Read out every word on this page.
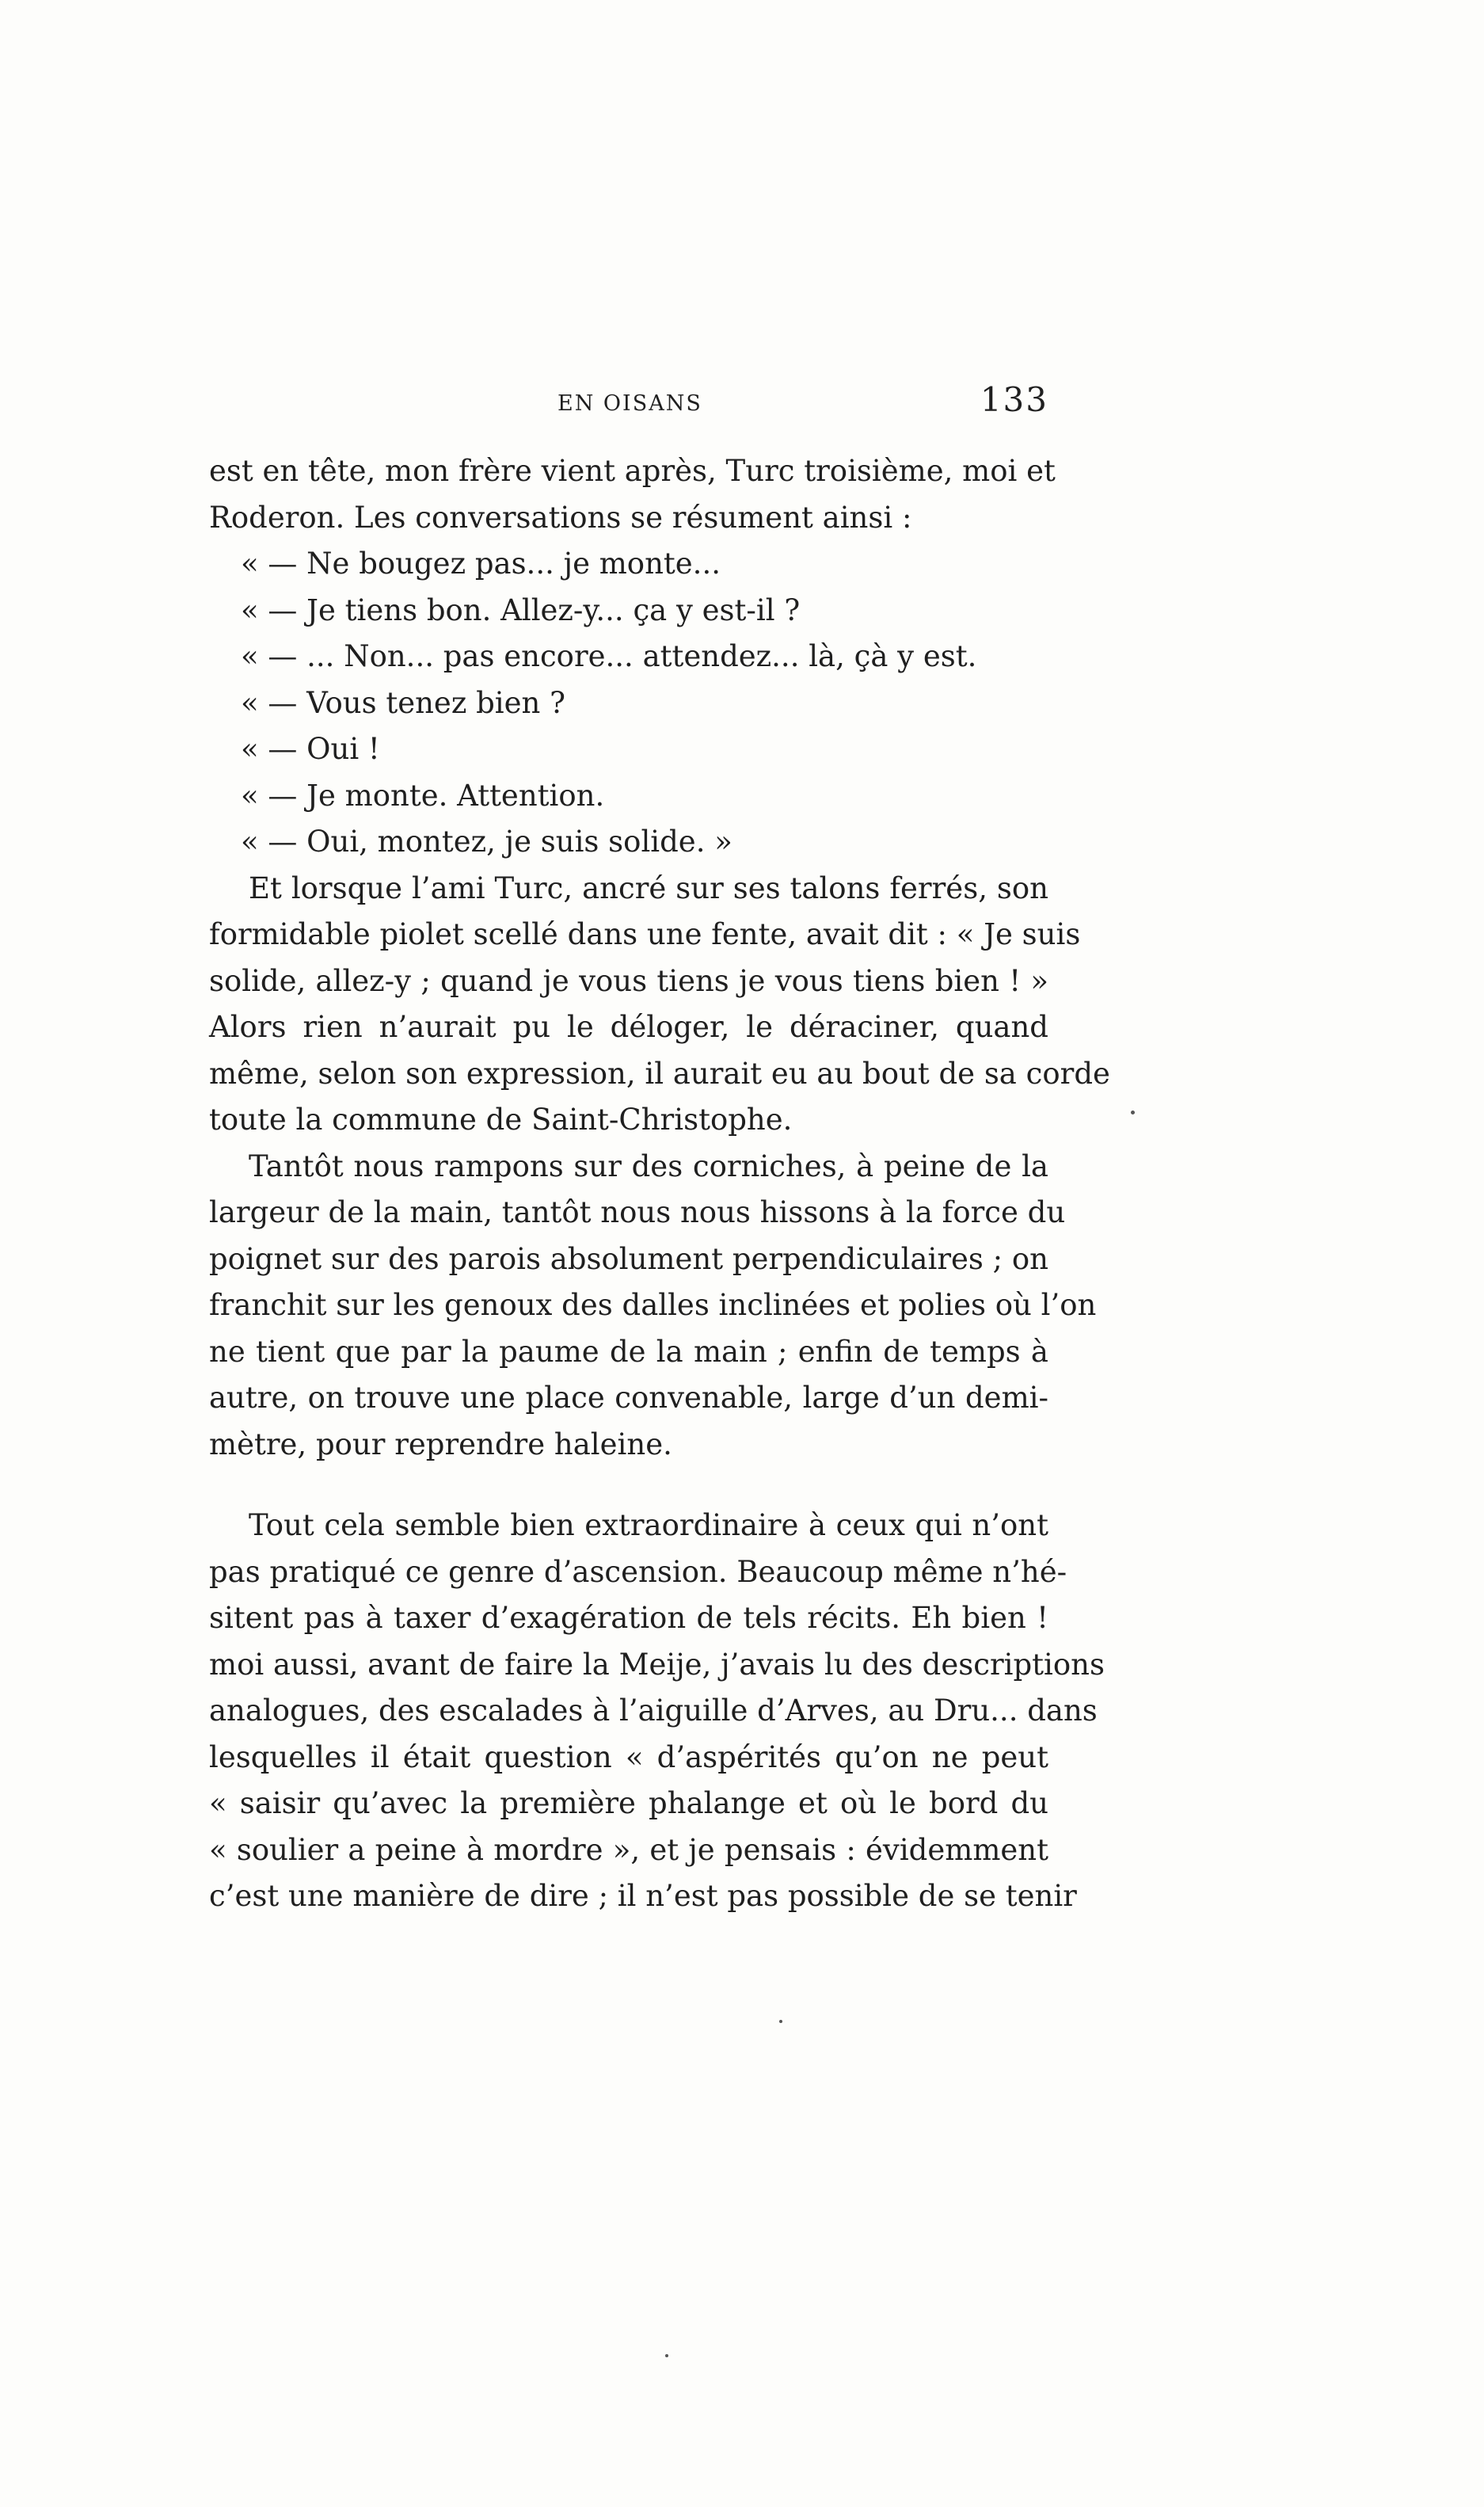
EN OISANS	133
est en tête, mon frère vient après, Turc troisième, moi et
Roderon. Les conversations se résument ainsi :
« — Ne bougez pas... je monte...
« — Je tiens bon. Allez-y... ça y est-il ?
« — ... Non... pas encore... attendez... là, çà y est.
« — Vous tenez bien ?
« — Oui !
« — Je monte. Attention.
« — Oui, montez, je suis solide. »
Et lorsque l’ami Turc, ancré sur ses talons ferrés, son
formidable piolet scellé dans une fente, avait dit : « Je suis
solide, allez-y ; quand je vous tiens je vous tiens bien ! »
Alors rien n’aurait pu le déloger, le déraciner, quand
même, selon son expression, il aurait eu au bout de sa corde
toute la commune de Saint-Christophe.
Tantôt nous rampons sur des corniches, à peine de la
largeur de la main, tantôt nous nous hissons à la force du
poignet sur des parois absolument perpendiculaires ; on
franchit sur les genoux des dalles inclinées et polies où l’on
ne tient que par la paume de la main ; enfin de temps à
autre, on trouve une place convenable, large d’un demi-
mètre, pour reprendre haleine.
Tout cela semble bien extraordinaire à ceux qui n’ont
pas pratiqué ce genre d’ascension. Beaucoup même n’hé-
sitent pas à taxer d’exagération de tels récits. Eh bien !
moi aussi, avant de faire la Meije, j’avais lu des descriptions
analogues, des escalades à l’aiguille d’Arves, au Dru... dans
lesquelles il était question « d’aspérités qu’on ne peut
« saisir qu’avec la première phalange et où le bord du
« soulier a peine à mordre », et je pensais : évidemment
c’est une manière de dire ; il n’est pas possible de se tenir
